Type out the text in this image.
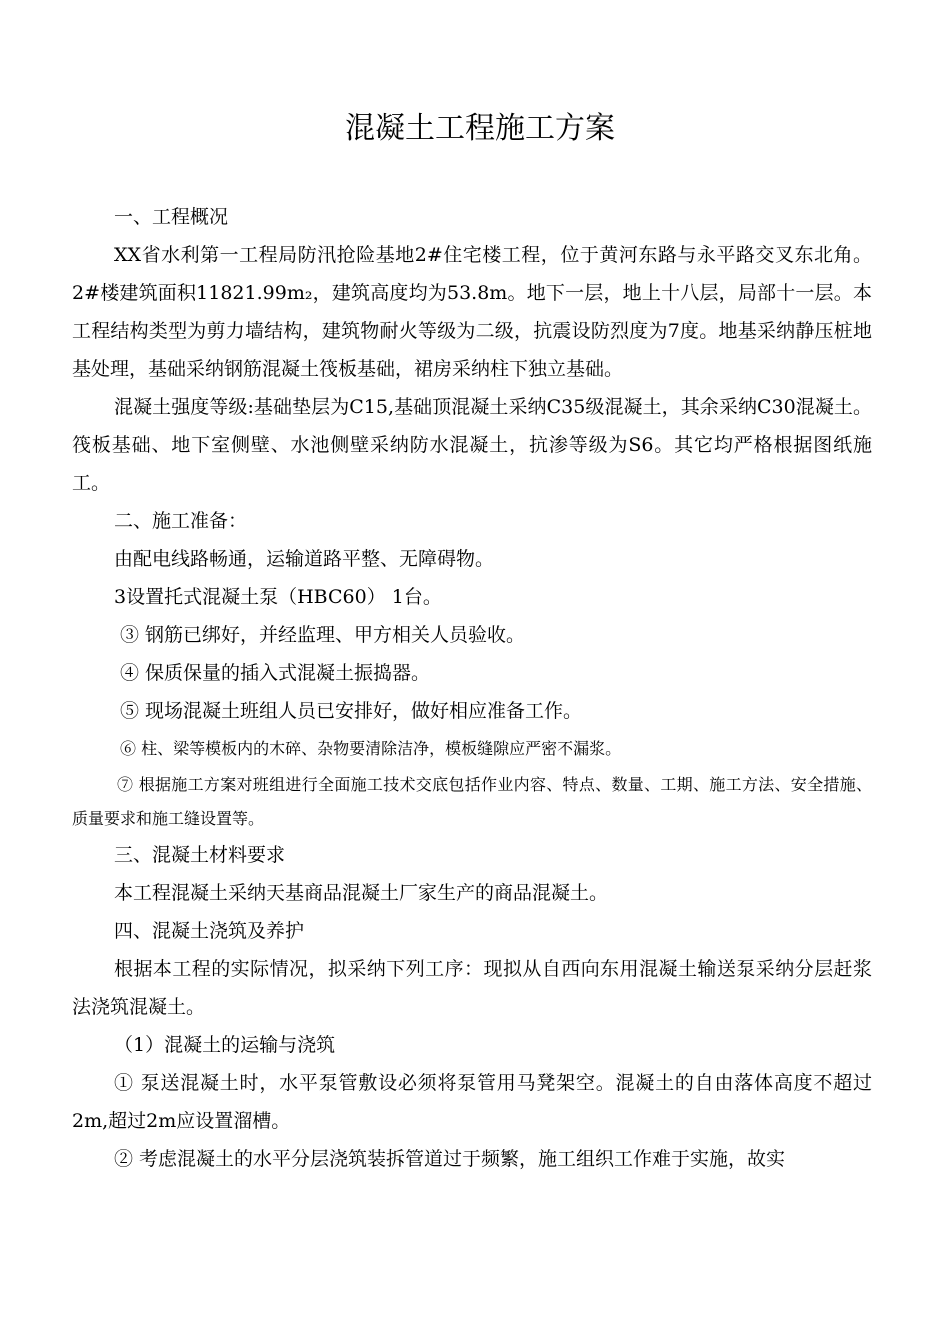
混凝土工程施工方案

一、工程概况

XX省水利第一工程局防汛抢险基地2#住宅楼工程，位于黄河东路与永平路交叉东北角。2#楼建筑面积11821.99m₂，建筑高度均为53.8m。地下一层，地上十八层，局部十一层。本工程结构类型为剪力墙结构，建筑物耐火等级为二级，抗震设防烈度为7度。地基采纳静压桩地基处理，基础采纳钢筋混凝土筏板基础，裙房采纳柱下独立基础。

混凝土强度等级:基础垫层为C15,基础顶混凝土采纳C35级混凝土，其余采纳C30混凝土。筏板基础、地下室侧壁、水池侧壁采纳防水混凝土，抗渗等级为S6。其它均严格根据图纸施工。

二、施工准备：

由配电线路畅通，运输道路平整、无障碍物。

3设置托式混凝土泵（HBC60） 1台。

③ 钢筋已绑好，并经监理、甲方相关人员验收。

④ 保质保量的插入式混凝土振捣器。

⑤ 现场混凝土班组人员已安排好，做好相应准备工作。

⑥ 柱、梁等模板内的木碎、杂物要清除洁净，模板缝隙应严密不漏浆。

⑦ 根据施工方案对班组进行全面施工技术交底包括作业内容、特点、数量、工期、施工方法、安全措施、质量要求和施工缝设置等。

三、混凝土材料要求

本工程混凝土采纳天基商品混凝土厂家生产的商品混凝土。

四、混凝土浇筑及养护

根据本工程的实际情况，拟采纳下列工序：现拟从自西向东用混凝土输送泵采纳分层赶浆法浇筑混凝土。

（1）混凝土的运输与浇筑

① 泵送混凝土时，水平泵管敷设必须将泵管用马凳架空。混凝土的自由落体高度不超过2m,超过2m应设置溜槽。

② 考虑混凝土的水平分层浇筑装拆管道过于频繁，施工组织工作难于实施，故实
